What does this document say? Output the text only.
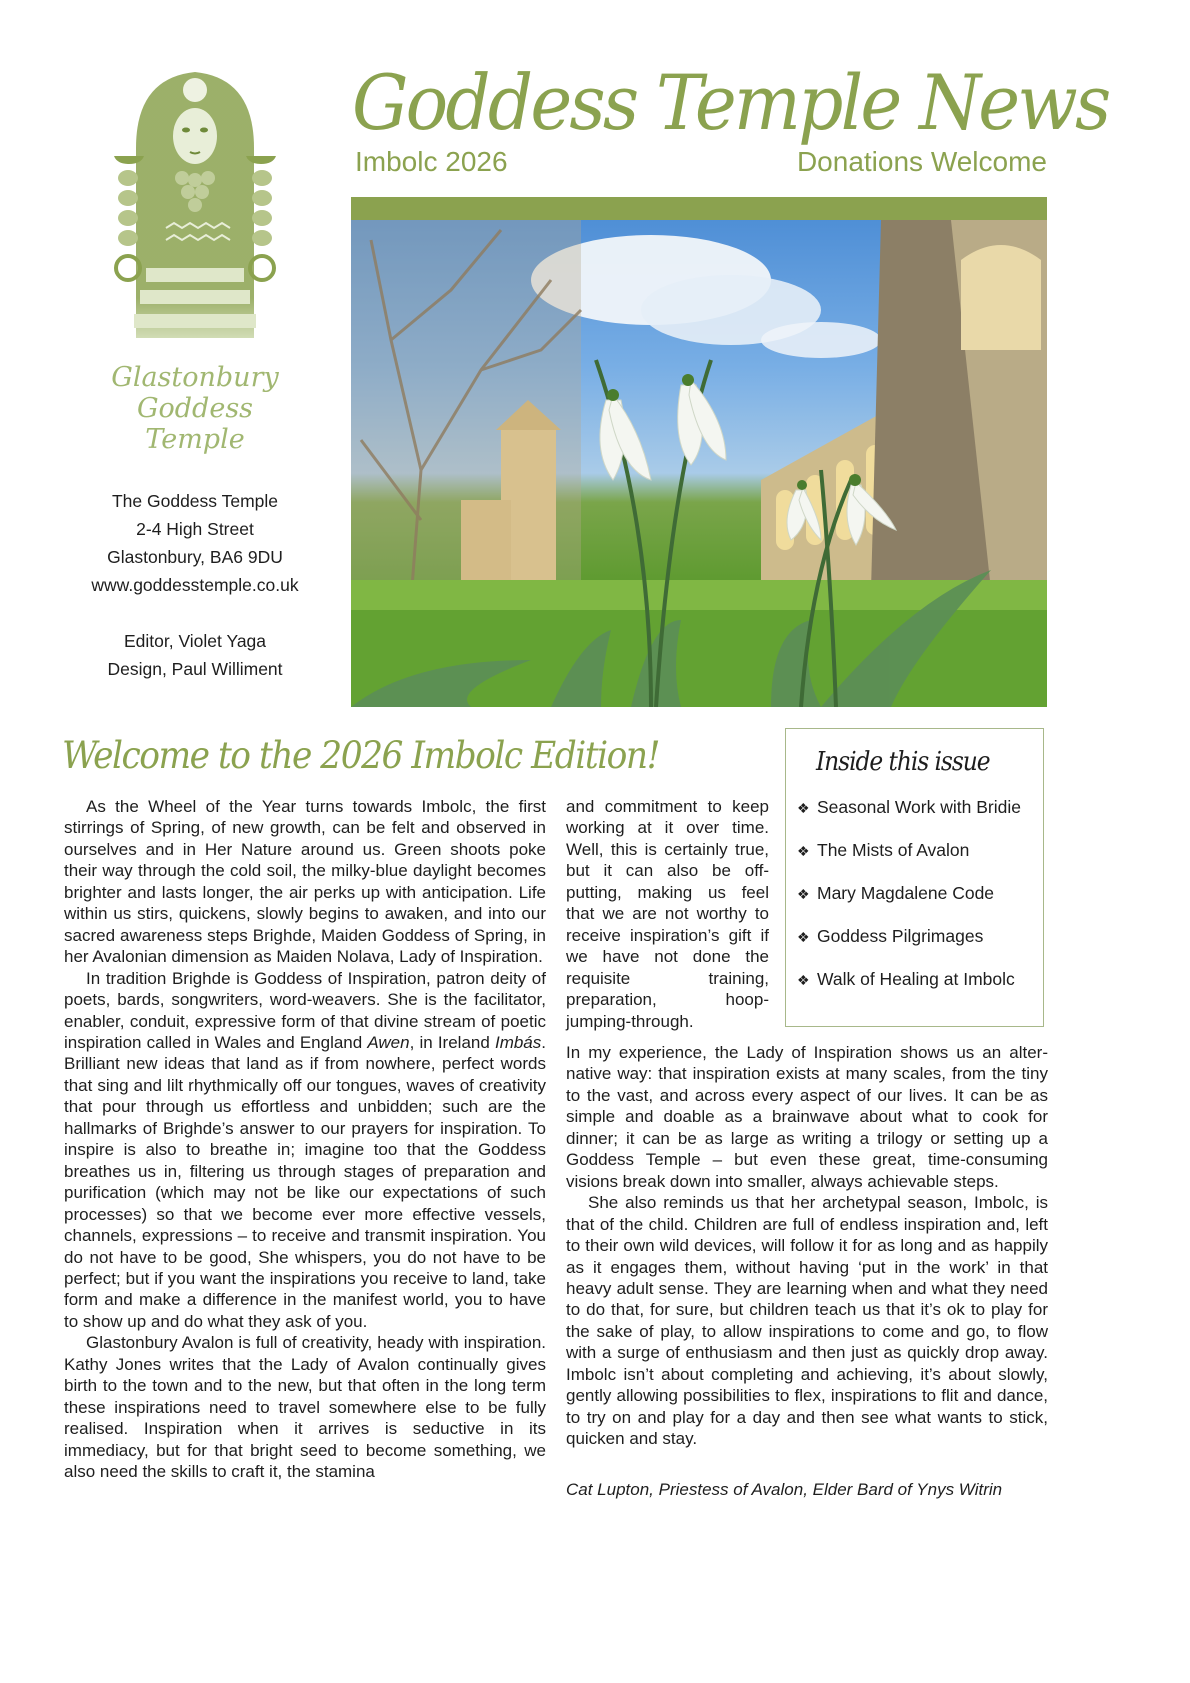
Glastonbury
Goddess
Temple
The Goddess Temple
2-4 High Street
Glastonbury, BA6 9DU
www.goddesstemple.co.uk
Editor, Violet Yaga
Design, Paul Williment
Goddess Temple News
Imbolc 2026	Donations Welcome
Welcome to the 2026 Imbolc Edition!

As the Wheel of the Year turns towards Imbolc, the first stirrings of Spring, of new growth, can be felt and observed in ourselves and in Her Nature around us. Green shoots poke their way through the cold soil, the milky-blue daylight becomes brighter and lasts longer, the air perks up with anticipation. Life within us stirs, quickens, slowly begins to awaken, and into our sacred awareness steps Brighde, Maiden Goddess of Spring, in her Avalonian dimension as Maiden Nolava, Lady of Inspiration.

In tradition Brighde is Goddess of Inspiration, patron deity of poets, bards, songwriters, word-weavers. She is the facilitator, enabler, conduit, expressive form of that divine stream of poetic inspiration called in Wales and England Awen, in Ireland Imbás. Brilliant new ideas that land as if from nowhere, perfect words that sing and lilt rhythmically off our tongues, waves of creativity that pour through us effortless and unbidden; such are the hallmarks of Brighde’s answer to our prayers for inspiration. To inspire is also to breathe in; imagine too that the Goddess breathes us in, filtering us through stages of preparation and purification (which may not be like our expectations of such processes) so that we become ever more effective vessels, channels, expressions – to receive and transmit inspiration. You do not have to be good, She whispers, you do not have to be perfect; but if you want the inspirations you receive to land, take form and make a difference in the manifest world, you to have to show up and do what they ask of you.

Glastonbury Avalon is full of creativity, heady with inspiration. Kathy Jones writes that the Lady of Avalon continually gives birth to the town and to the new, but that often in the long term these inspirations need to travel somewhere else to be fully realised. Inspiration when it arrives is seductive in its immediacy, but for that bright seed to become something, we also need the skills to craft it, the stamina

and commitment to keep working at it over time. Well, this is certainly true, but it can also be off-putting, making us feel that we are not worthy to receive inspiration’s gift if we have not done the requisite training, preparation, hoop-jumping-through.

In my experience, the Lady of Inspiration shows us an alternative way: that inspiration exists at many scales, from the tiny to the vast, and across every aspect of our lives. It can be as simple and doable as a brainwave about what to cook for dinner; it can be as large as writing a trilogy or setting up a Goddess Temple – but even these great, time-consuming visions break down into smaller, always achievable steps.

She also reminds us that her archetypal season, Imbolc, is that of the child. Children are full of endless inspiration and, left to their own wild devices, will follow it for as long and as happily as it engages them, without having ‘put in the work’ in that heavy adult sense. They are learning when and what they need to do that, for sure, but children teach us that it’s ok to play for the sake of play, to allow inspirations to come and go, to flow with a surge of enthusiasm and then just as quickly drop away. Imbolc isn’t about completing and achieving, it’s about slowly, gently allowing possibilities to flex, inspirations to flit and dance, to try on and play for a day and then see what wants to stick, quicken and stay.

Cat Lupton, Priestess of Avalon, Elder Bard of Ynys Witrin
Inside this issue
❖ Seasonal Work with Bridie
❖ The Mists of Avalon
❖ Mary Magdalene Code
❖ Goddess Pilgrimages
❖ Walk of Healing at Imbolc
